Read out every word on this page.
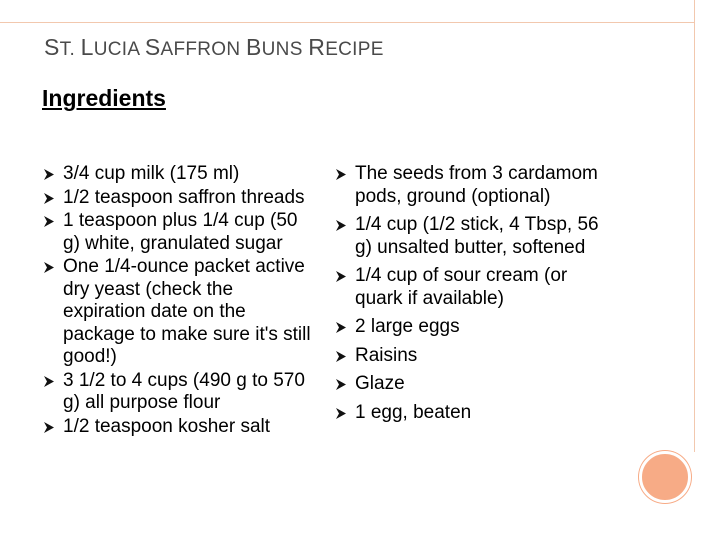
ST. LUCIA SAFFRON BUNS RECIPE
Ingredients
3/4 cup milk (175 ml)
1/2 teaspoon saffron threads
1 teaspoon plus 1/4 cup (50 g) white, granulated sugar
One 1/4-ounce packet active dry yeast (check the expiration date on the package to make sure it's still good!)
3 1/2 to 4 cups (490 g to 570 g) all purpose flour
1/2 teaspoon kosher salt
The seeds from 3 cardamom pods, ground (optional)
1/4 cup (1/2 stick, 4 Tbsp, 56 g) unsalted butter, softened
1/4 cup of sour cream (or quark if available)
2 large eggs
Raisins
Glaze
1 egg, beaten
